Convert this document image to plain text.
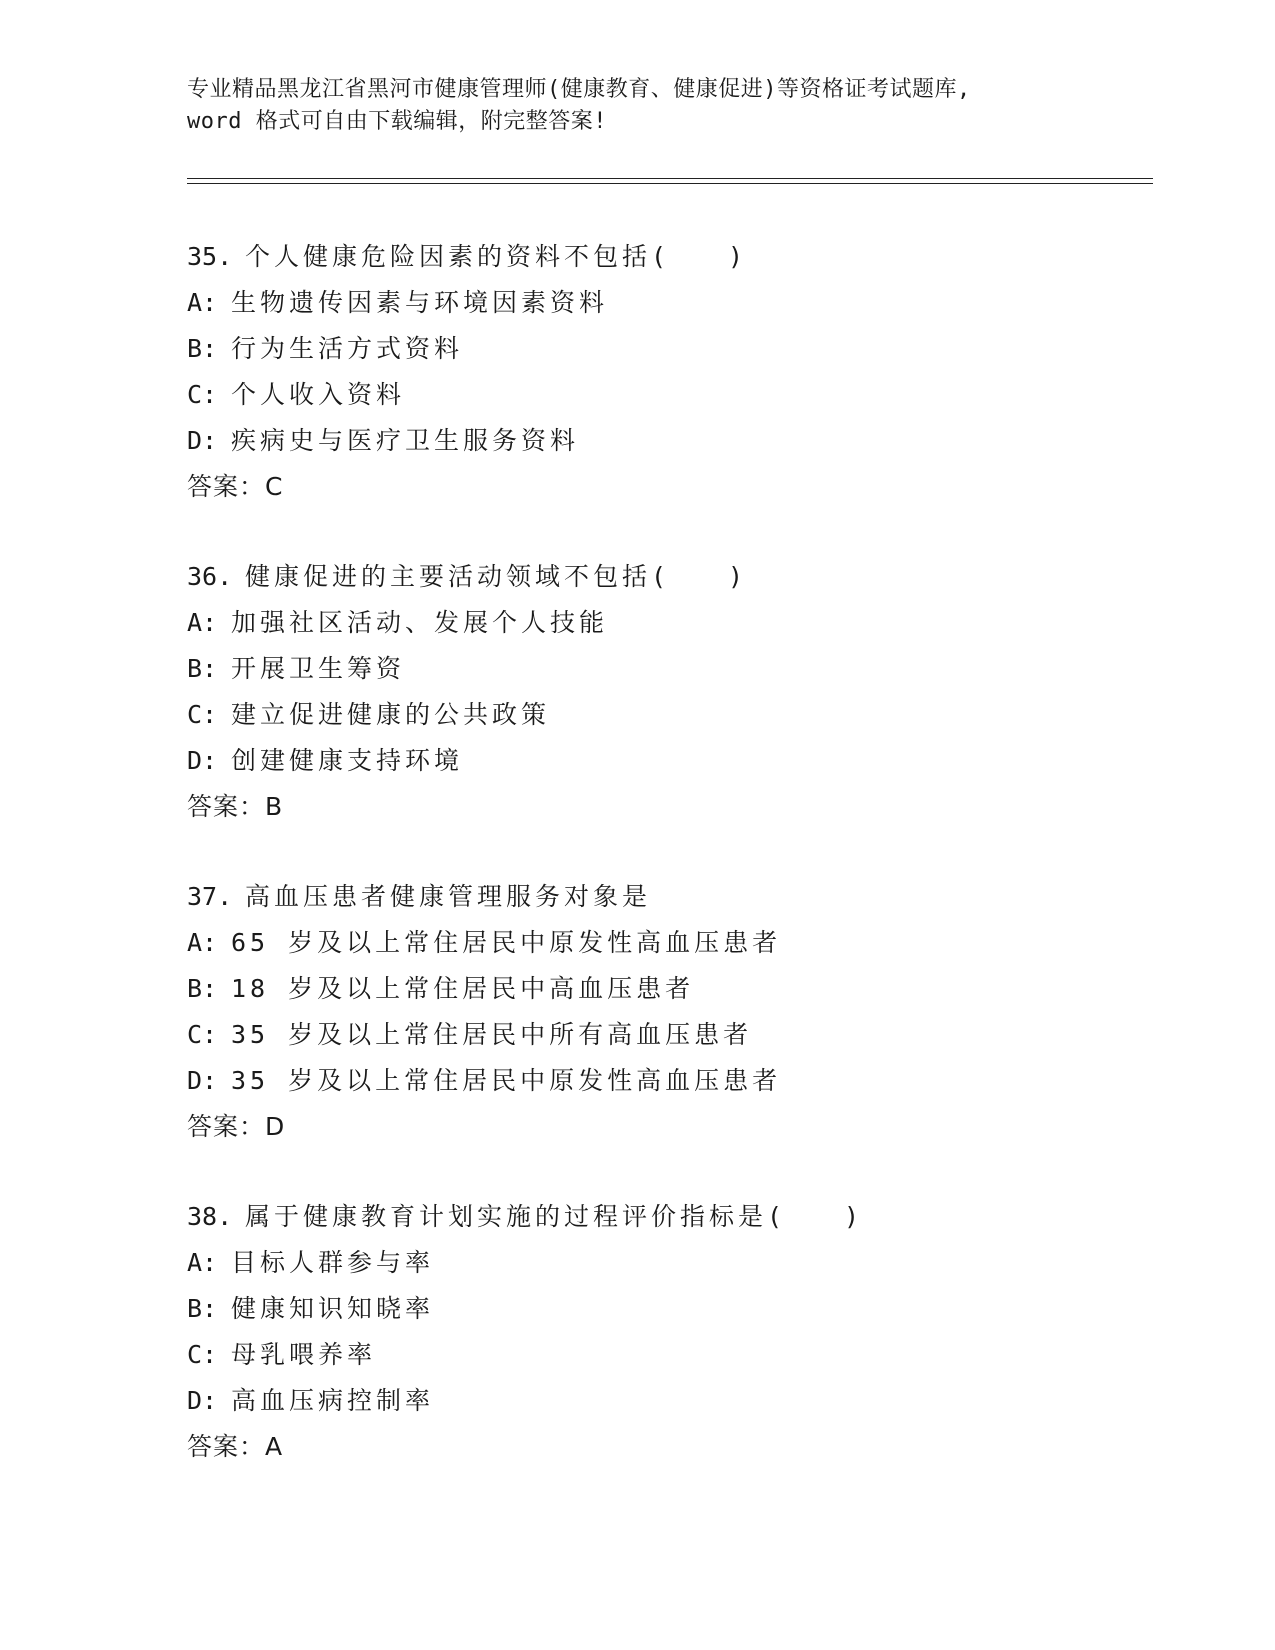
专业精品黑龙江省黑河市健康管理师(健康教育、健康促进)等资格证考试题库,
word 格式可自由下载编辑，附完整答案!
35. 个人健康危险因素的资料不包括(　　)
A: 生物遗传因素与环境因素资料
B: 行为生活方式资料
C: 个人收入资料
D: 疾病史与医疗卫生服务资料
答案：C
36. 健康促进的主要活动领域不包括(　　)
A: 加强社区活动、发展个人技能
B: 开展卫生筹资
C: 建立促进健康的公共政策
D: 创建健康支持环境
答案：B
37. 高血压患者健康管理服务对象是
A: 65 岁及以上常住居民中原发性高血压患者
B: 18 岁及以上常住居民中高血压患者
C: 35 岁及以上常住居民中所有高血压患者
D: 35 岁及以上常住居民中原发性高血压患者
答案：D
38. 属于健康教育计划实施的过程评价指标是(　　)
A: 目标人群参与率
B: 健康知识知晓率
C: 母乳喂养率
D: 高血压病控制率
答案：A
